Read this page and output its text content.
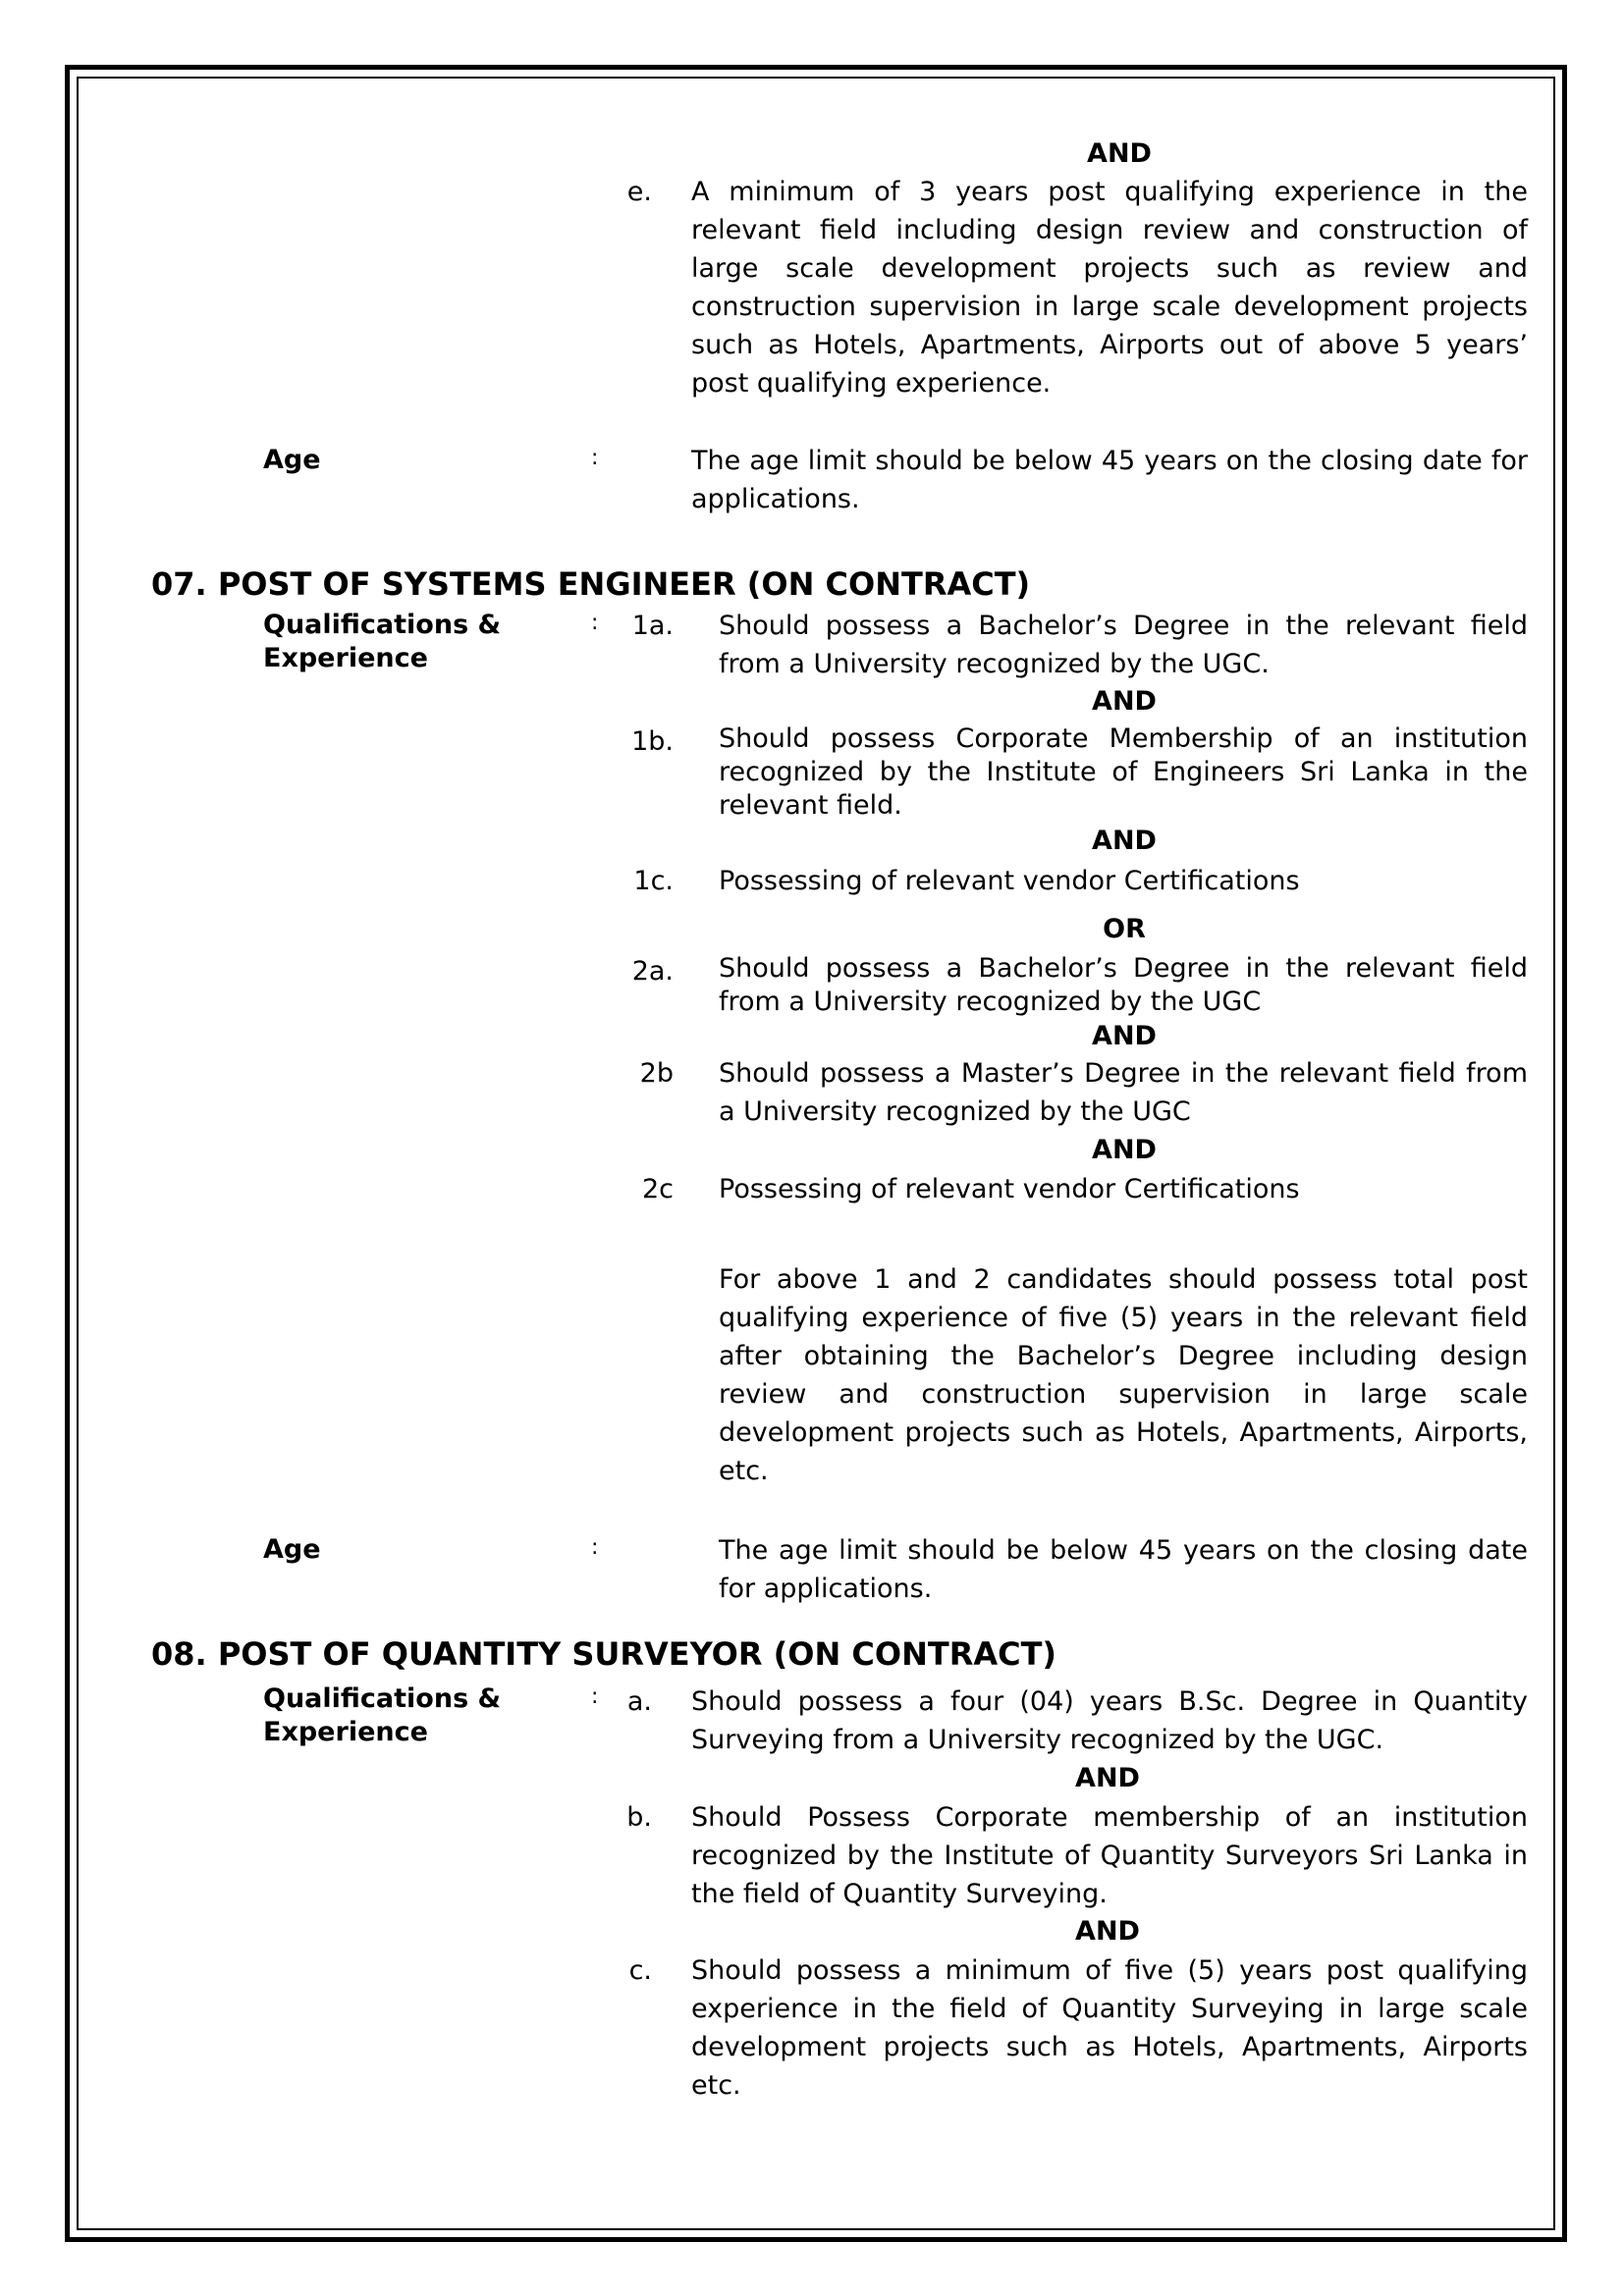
AND
e. A minimum of 3 years post qualifying experience in the relevant field including design review and construction of large scale development projects such as review and construction supervision in large scale development projects such as Hotels, Apartments, Airports out of above 5 years’ post qualifying experience.
Age	:	The age limit should be below 45 years on the closing date for applications.
07. POST OF SYSTEMS ENGINEER (ON CONTRACT)
Qualifications & Experience
:	1a. Should possess a Bachelor’s Degree in the relevant field from a University recognized by the UGC.
AND
1b. Should possess Corporate Membership of an institution recognized by the Institute of Engineers Sri Lanka in the relevant field.
AND
1c. Possessing of relevant vendor Certifications
OR
2a. Should possess a Bachelor’s Degree in the relevant field from a University recognized by the UGC
AND
2b Should possess a Master’s Degree in the relevant field from a University recognized by the UGC
AND
2c Possessing of relevant vendor Certifications
For above 1 and 2 candidates should possess total post qualifying experience of five (5) years in the relevant field after obtaining the Bachelor’s Degree including design review and construction supervision in large scale development projects such as Hotels, Apartments, Airports, etc.
Age	:	The age limit should be below 45 years on the closing date for applications.
08. POST OF QUANTITY SURVEYOR (ON CONTRACT)
Qualifications & Experience
:	a. Should possess a four (04) years B.Sc. Degree in Quantity Surveying from a University recognized by the UGC.
AND
b. Should Possess Corporate membership of an institution recognized by the Institute of Quantity Surveyors Sri Lanka in the field of Quantity Surveying.
AND
c. Should possess a minimum of five (5) years post qualifying experience in the field of Quantity Surveying in large scale development projects such as Hotels, Apartments, Airports etc.
